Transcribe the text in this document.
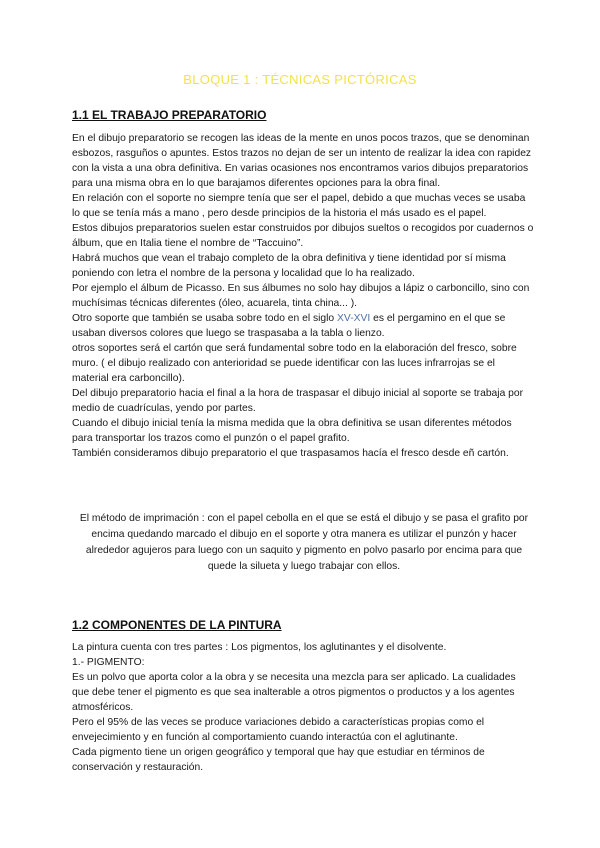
BLOQUE 1 : TÉCNICAS PICTÓRICAS
1.1 EL TRABAJO PREPARATORIO

En el dibujo preparatorio se recogen las ideas de la mente en unos pocos trazos, que se denominan esbozos, rasguños o apuntes. Estos trazos no dejan de ser un intento de realizar la idea con rapidez con la vista a una obra definitiva. En varias ocasiones nos encontramos varios dibujos preparatorios para una misma obra en lo que barajamos diferentes opciones para la obra final.

En relación con el soporte no siempre tenía que ser el papel, debido a que muchas veces se usaba lo que se tenía más a mano , pero desde principios de la historia el más usado es el papel.

Estos dibujos preparatorios suelen estar construidos por dibujos sueltos o recogidos por cuadernos o álbum, que en Italia tiene el nombre de “Taccuino”.

Habrá muchos que vean el trabajo completo de la obra definitiva y tiene identidad por sí misma poniendo con letra el nombre de la persona y localidad que lo ha realizado.

Por ejemplo el álbum de Picasso. En sus álbumes no solo hay dibujos a lápiz o carboncillo, sino con muchísimas técnicas diferentes (óleo, acuarela, tinta china... ).

Otro soporte que también se usaba sobre todo en el siglo XV-XVI es el pergamino en el que se usaban diversos colores que luego se traspasaba a la tabla o lienzo.

otros soportes será el cartón que será fundamental sobre todo en la elaboración del fresco, sobre muro. ( el dibujo realizado con anterioridad se puede identificar con las luces infrarrojas se el material era carboncillo).

Del dibujo preparatorio hacia el final a la hora de traspasar el dibujo inicial al soporte se trabaja por medio de cuadrículas, yendo por partes.

Cuando el dibujo inicial tenía la misma medida que la obra definitiva se usan diferentes métodos para transportar los trazos como el punzón o el papel grafito.

También consideramos dibujo preparatorio el que traspasamos hacía el fresco desde eñ cartón.

El método de imprimación : con el papel cebolla en el que se está el dibujo y se pasa el grafito por encima quedando marcado el dibujo en el soporte y otra manera es utilizar el punzón y hacer alrededor agujeros para luego con un saquito y pigmento en polvo pasarlo por encima para que quede la silueta y luego trabajar con ellos.

1.2 COMPONENTES DE LA PINTURA

La pintura cuenta con tres partes : Los pigmentos, los aglutinantes y el disolvente.

1.- PIGMENTO:

Es un polvo que aporta color a la obra y se necesita una mezcla para ser aplicado. La cualidades que debe tener el pigmento es que sea inalterable a otros pigmentos o productos y a los agentes atmosféricos.

Pero el 95% de las veces se produce variaciones debido a características propias como el envejecimiento y en función al comportamiento cuando interactúa con el aglutinante.

Cada pigmento tiene un origen geográfico y temporal que hay que estudiar en términos de conservación y restauración.
